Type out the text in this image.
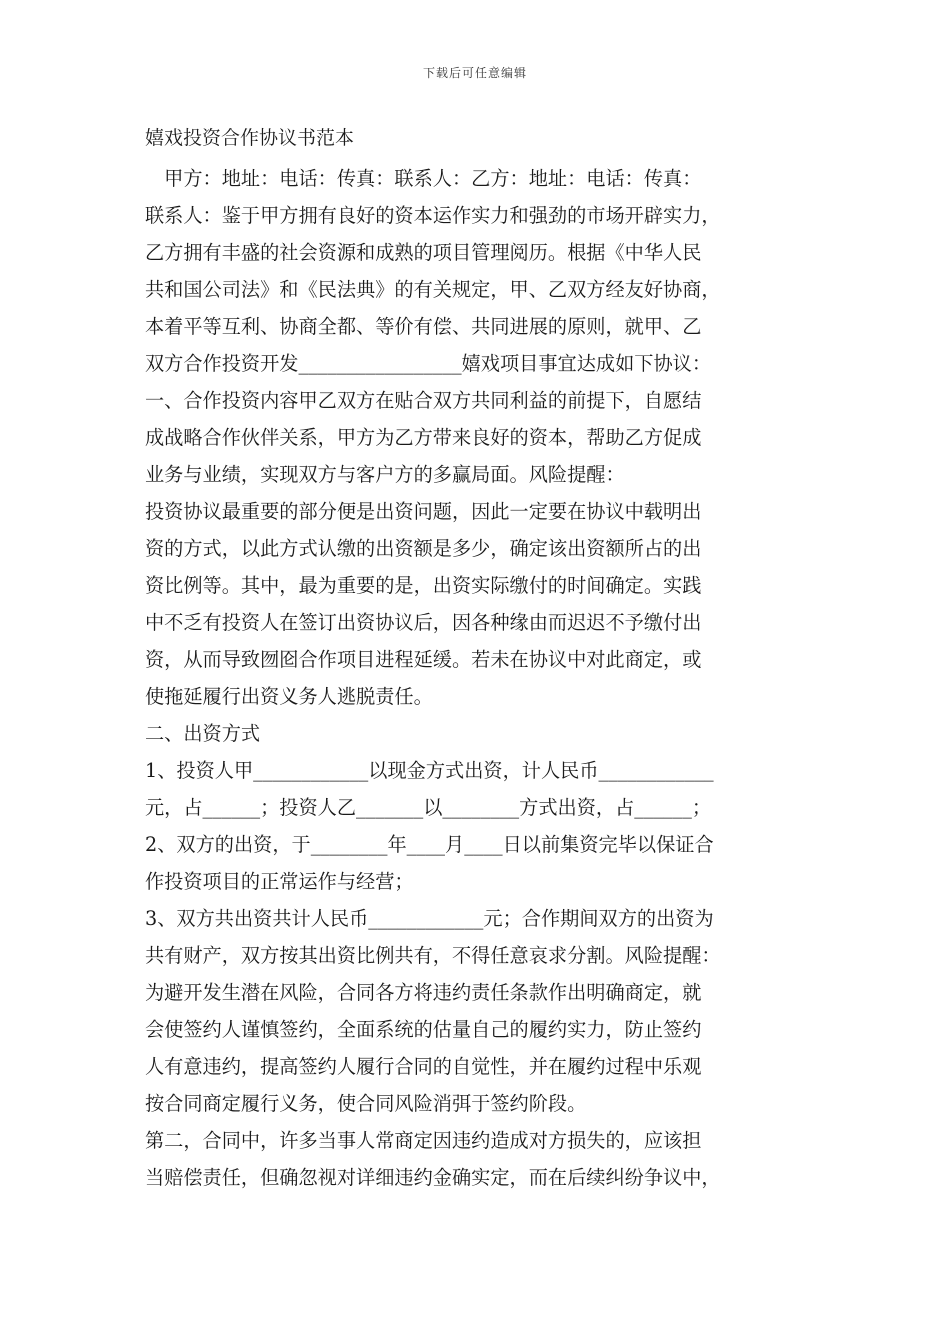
下载后可任意编辑
嬉戏投资合作协议书范本
　甲方：地址：电话：传真：联系人：乙方：地址：电话：传真：
联系人：鉴于甲方拥有良好的资本运作实力和强劲的市场开辟实力，
乙方拥有丰盛的社会资源和成熟的项目管理阅历。根据《中华人民
共和国公司法》和《民法典》的有关规定，甲、乙双方经友好协商，
本着平等互利、协商全都、等价有偿、共同进展的原则，就甲、乙
双方合作投资开发_________________嬉戏项目事宜达成如下协议：
一、合作投资内容甲乙双方在贴合双方共同利益的前提下，自愿结
成战略合作伙伴关系，甲方为乙方带来良好的资本，帮助乙方促成
业务与业绩，实现双方与客户方的多赢局面。风险提醒：
投资协议最重要的部分便是出资问题，因此一定要在协议中载明出
资的方式，以此方式认缴的出资额是多少，确定该出资额所占的出
资比例等。其中，最为重要的是，出资实际缴付的时间确定。实践
中不乏有投资人在签订出资协议后，因各种缘由而迟迟不予缴付出
资，从而导致囫囵合作项目进程延缓。若未在协议中对此商定，或
使拖延履行出资义务人逃脱责任。
二、出资方式
1、投资人甲____________以现金方式出资，计人民币____________
元，占______；投资人乙_______以________方式出资，占______；
2、双方的出资，于________年____月____日以前集资完毕以保证合
作投资项目的正常运作与经营；
3、双方共出资共计人民币____________元；合作期间双方的出资为
共有财产，双方按其出资比例共有，不得任意哀求分割。风险提醒：
为避开发生潜在风险，合同各方将违约责任条款作出明确商定，就
会使签约人谨慎签约，全面系统的估量自己的履约实力，防止签约
人有意违约，提高签约人履行合同的自觉性，并在履约过程中乐观
按合同商定履行义务，使合同风险消弭于签约阶段。
第二，合同中，许多当事人常商定因违约造成对方损失的，应该担
当赔偿责任，但确忽视对详细违约金确实定，而在后续纠纷争议中，
